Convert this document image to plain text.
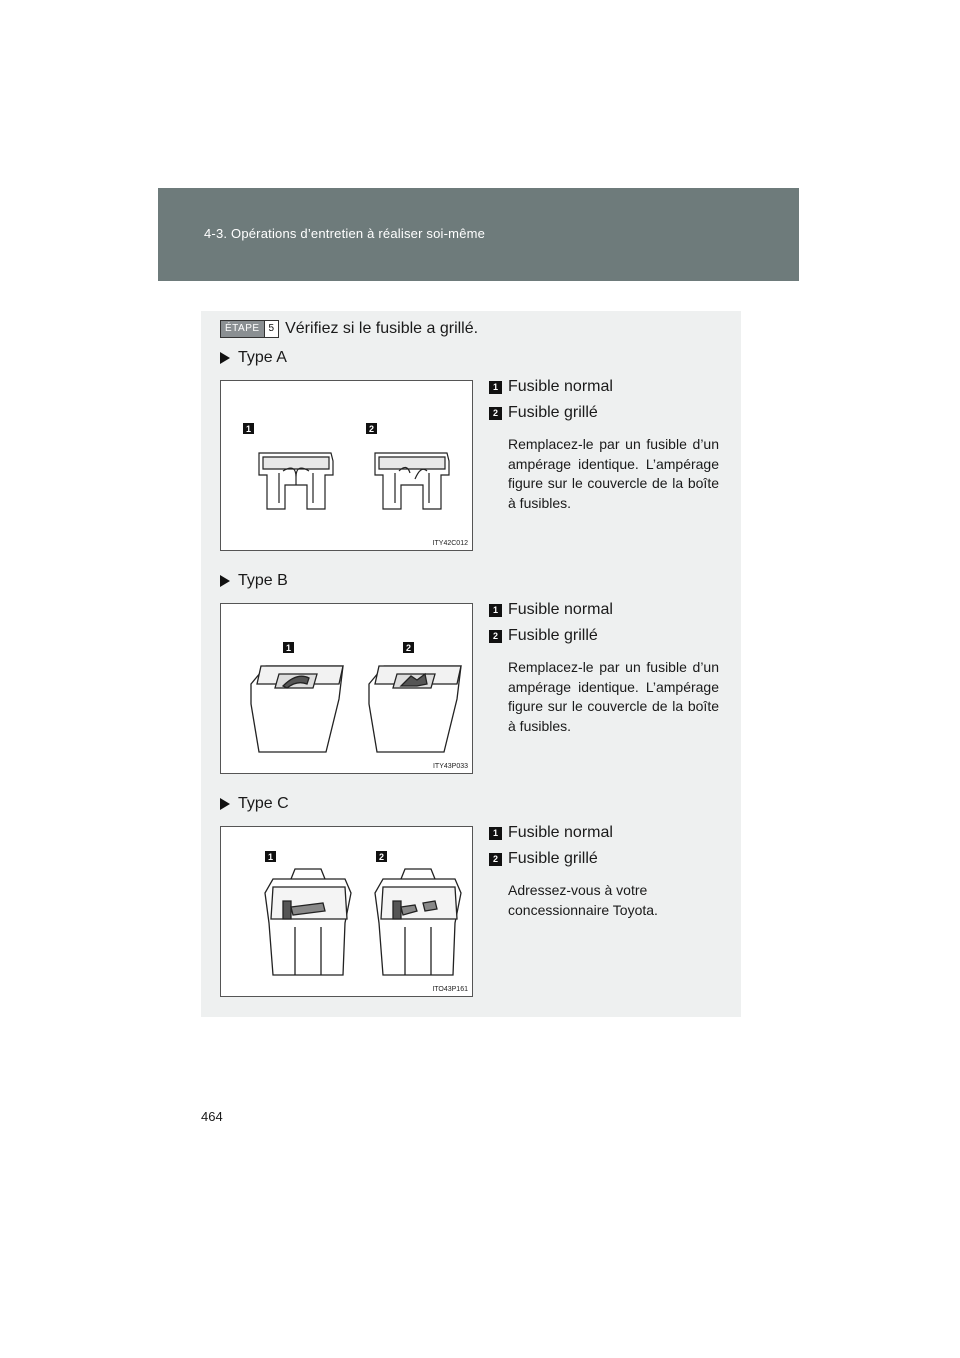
4-3. Opérations d’entretien à réaliser soi-même
ÉTAPE 5 Vérifiez si le fusible a grillé.
Type A
1	2
ITY42C012
1 Fusible normal
2 Fusible grillé
Remplacez-le par un fusible d’un ampérage identique. L’ampérage figure sur le couvercle de la boîte à fusibles.
Type B
1	2
ITY43P033
1 Fusible normal
2 Fusible grillé
Remplacez-le par un fusible d’un ampérage identique. L’ampérage figure sur le couvercle de la boîte à fusibles.
Type C
1	2
ITO43P161
1 Fusible normal
2 Fusible grillé
Adressez-vous à votre concessionnaire Toyota.
464
